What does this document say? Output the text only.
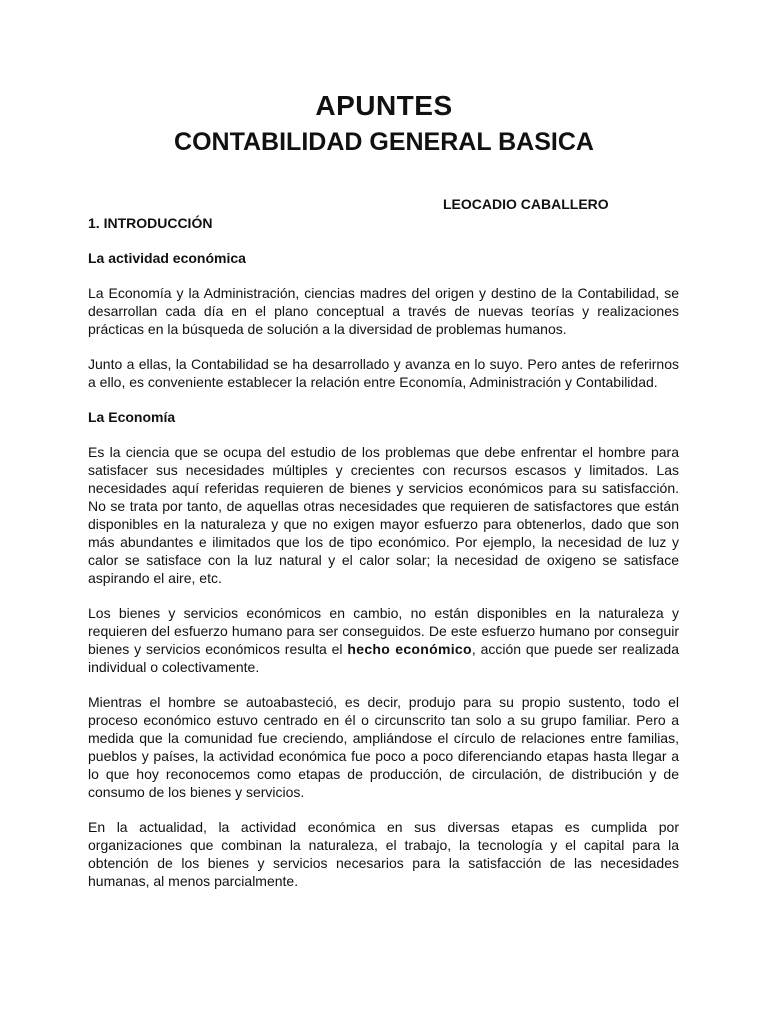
APUNTES
CONTABILIDAD GENERAL BASICA

LEOCADIO CABALLERO

1. INTRODUCCIÓN
La actividad económica

La Economía y la Administración, ciencias madres del origen y destino de la Contabilidad, se desarrollan cada día en el plano conceptual a través de nuevas teorías y realizaciones prácticas en la búsqueda de solución a la diversidad de problemas humanos.

Junto a ellas, la Contabilidad se ha desarrollado y avanza en lo suyo. Pero antes de referirnos a ello, es conveniente establecer la relación entre Economía, Administración y Contabilidad.

La Economía

Es la ciencia que se ocupa del estudio de los problemas que debe enfrentar el hombre para satisfacer sus necesidades múltiples y crecientes con recursos escasos y limitados. Las necesidades aquí referidas requieren de bienes y servicios económicos para su satisfacción. No se trata por tanto, de aquellas otras necesidades que requieren de satisfactores que están disponibles en la naturaleza y que no exigen mayor esfuerzo para obtenerlos, dado que son más abundantes e ilimitados que los de tipo económico. Por ejemplo, la necesidad de luz y calor se satisface con la luz natural y el calor solar; la necesidad de oxigeno se satisface aspirando el aire, etc.

Los bienes y servicios económicos en cambio, no están disponibles en la naturaleza y requieren del esfuerzo humano para ser conseguidos. De este esfuerzo humano por conseguir bienes y servicios económicos resulta el hecho económico, acción que puede ser realizada individual o colectivamente.

Mientras el hombre se autoabasteció, es decir, produjo para su propio sustento, todo el proceso económico estuvo centrado en él o circunscrito tan solo a su grupo familiar. Pero a medida que la comunidad fue creciendo, ampliándose el círculo de relaciones entre familias, pueblos y países, la actividad económica fue poco a poco diferenciando etapas hasta llegar a lo que hoy reconocemos como etapas de producción, de circulación, de distribución y de consumo de los bienes y servicios.

En la actualidad, la actividad económica en sus diversas etapas es cumplida por organizaciones que combinan la naturaleza, el trabajo, la tecnología y el capital para la obtención de los bienes y servicios necesarios para la satisfacción de las necesidades humanas, al menos parcialmente.
